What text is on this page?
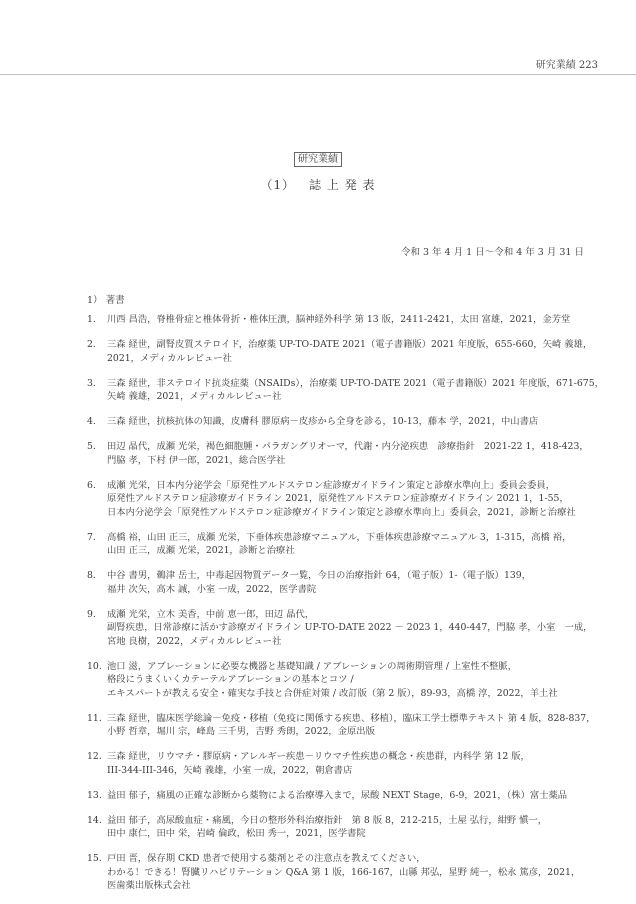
研究業績 223
研究業績
（1） 誌 上 発 表
令和 3 年 4 月 1 日～令和 4 年 3 月 31 日
1） 著書
1.	川西 昌浩，脊椎骨症と椎体骨折・椎体圧潰，脳神経外科学 第 13 版，2411-2421，太田 富雄，2021，金芳堂
2.	三森 経世，副腎皮質ステロイド，治療薬 UP-TO-DATE 2021（電子書籍版）2021 年度版，655-660，矢崎 義雄，
2021，メディカルレビュー社
3.	三森 経世，非ステロイド抗炎症薬（NSAIDs），治療薬 UP-TO-DATE 2021（電子書籍版）2021 年度版，671-675，
矢崎 義雄，2021，メディカルレビュー社
4.	三森 経世，抗核抗体の知識，皮膚科 膠原病－皮疹から全身を診る，10-13，藤本 学，2021，中山書店
5.	田辺 晶代，成瀬 光栄，褐色細胞腫・パラガングリオーマ，代謝・内分泌疾患　診療指針　2021-22 1，418-423，
門脇 孝，下村 伊一郎，2021，総合医学社
6.	成瀬 光栄，日本内分泌学会「原発性アルドステロン症診療ガイドライン策定と診療水準向上」委員会委員，
原発性アルドステロン症診療ガイドライン 2021，原発性アルドステロン症診療ガイドライン 2021 1，1-55，
日本内分泌学会「原発性アルドステロン症診療ガイドライン策定と診療水準向上」委員会，2021，診断と治療社
7.	高橋 裕，山田 正三，成瀬 光栄，下垂体疾患診療マニュアル，下垂体疾患診療マニュアル 3，1-315，高橋 裕，
山田 正三，成瀬 光栄，2021，診断と治療社
8.	中谷 書男，鵜津 岳士，中毒起因物質データ一覧，今日の治療指針 64，（電子版）1-（電子版）139，
福井 次矢，高木 誠，小室 一成，2022，医学書院
9.	成瀬 光栄，立木 美香，中前 恵一郎，田辺 晶代，
副腎疾患，日常診療に活かす診療ガイドライン UP-TO-DATE 2022 － 2023 1，440-447，門脇 孝，小室　一成，
宮地 良樹，2022，メディカルレビュー社
10. 池口 滋，アブレーションに必要な機器と基礎知識 / アブレーションの周術期管理 / 上室性不整脈，
格段にうまくいくカテーテルアブレーションの基本とコツ /
エキスパートが教える安全・確実な手技と合併症対策 / 改訂版（第 2 版），89-93，高橋 淳，2022，羊土社
11. 三森 経世，臨床医学総論－免疫・移植（免疫に関係する疾患、移植），臨床工学士標準テキスト 第 4 版，828-837，
小野 哲章，堀川 宗，峰島 三千男，吉野 秀朗，2022，金原出版
12. 三森 経世，リウマチ・膠原病・アレルギー疾患－リウマチ性疾患の概念・疾患群，内科学 第 12 版，
III-344-III-346，矢崎 義雄，小室 一成，2022，朝倉書店
13. 益田 郁子，痛風の正確な診断から薬物による治療導入まで，尿酸 NEXT Stage，6-9，2021，（株）富士薬品
14. 益田 郁子，高尿酸血症・痛風，今日の整形外科治療指針　第 8 版 8，212-215，土屋 弘行，紺野 愼一，
田中 康仁，田中 栄，岩崎 倫政，松田 秀一，2021，医学書院
15. 戸田 晋，保存期 CKD 患者で使用する薬剤とその注意点を教えてください，
わかる！できる！腎臓リハビリテーション Q&A 第 1 版，166-167，山縣 邦弘，星野 純一，松永 篤彦，2021，
医歯薬出版株式会社
